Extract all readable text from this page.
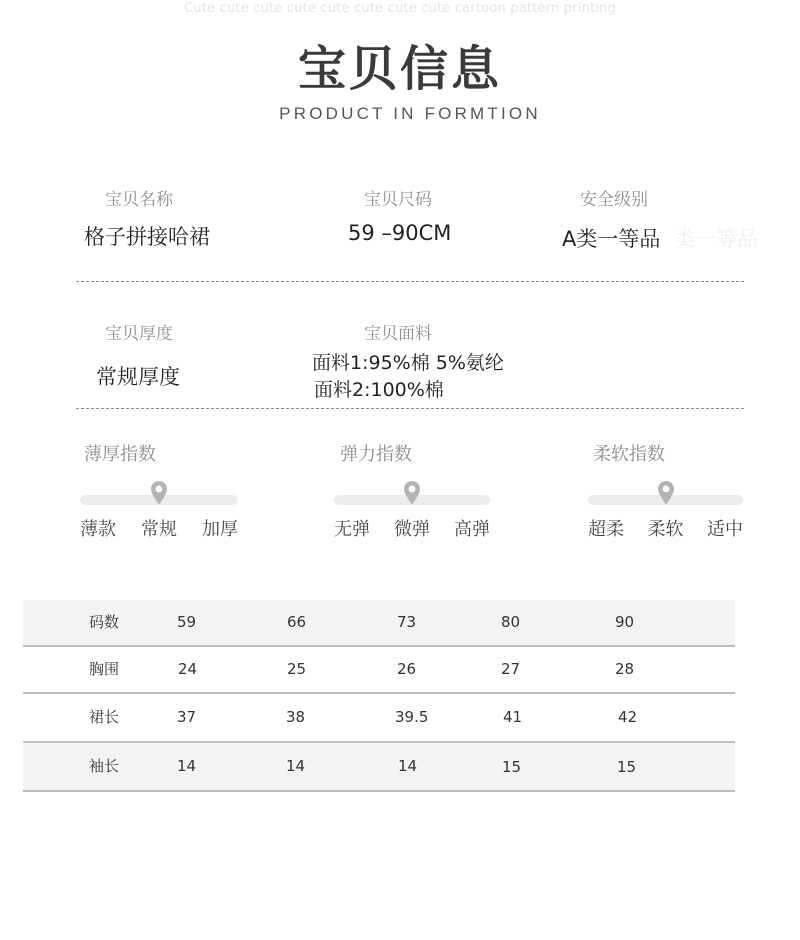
Cute cute cute cute cute cute cute cute cartoon pattern printing
宝贝信息
PRODUCT IN FORMTION
宝贝名称
格子拼接哈裙
宝贝尺码
59 –90CM
安全级别
A类一等品 类一等品
宝贝厚度
常规厚度
宝贝面料
面料1:95%棉 5%氨纶
面料2:100%棉
薄厚指数
薄款 常规 加厚
弹力指数
无弹 微弹 高弹
柔软指数
超柔 柔软 适中
码数	59	66	73	80	90
胸围	24	25	26	27	28
裙长	37	38	39.5	41	42
袖长	14	14	14	15	15
